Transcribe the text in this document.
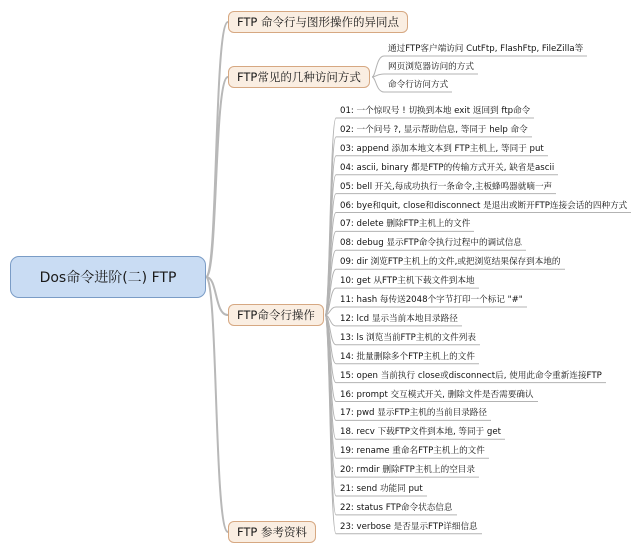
Dos命令进阶(二) FTP
FTP 命令行与图形操作的异同点
FTP常见的几种访问方式
FTP命令行操作
FTP 参考资料
通过FTP客户端访问 CutFtp, FlashFtp, FileZilla等
网页浏览器访问的方式
命令行访问方式
01: 一个惊叹号 ! 切换到本地 exit 返回到 ftp命令
02: 一个问号 ?, 显示帮助信息, 等同于 help 命令
03: append 添加本地文本到 FTP主机上, 等同于 put
04: ascii, binary 都是FTP的传输方式开关, 缺省是ascii
05: bell 开关,每成功执行一条命令,主板蜂鸣器就嘀一声
06: bye和quit, close和disconnect 是退出或断开FTP连接会话的四种方式
07: delete 删除FTP主机上的文件
08: debug 显示FTP命令执行过程中的调试信息
09: dir 浏览FTP主机上的文件,或把浏览结果保存到本地的
10: get 从FTP主机下载文件到本地
11: hash 每传送2048个字节打印一个标记 "#"
12: lcd 显示当前本地目录路径
13: ls 浏览当前FTP主机的文件列表
14: 批量删除多个FTP主机上的文件
15: open 当前执行 close或disconnect后, 使用此命令重新连接FTP
16: prompt 交互模式开关, 删除文件是否需要确认
17: pwd 显示FTP主机的当前目录路径
18. recv 下载FTP文件到本地, 等同于 get
19: rename 重命名FTP主机上的文件
20: rmdir 删除FTP主机上的空目录
21: send 功能同 put
22: status FTP命令状态信息
23: verbose 是否显示FTP详细信息
